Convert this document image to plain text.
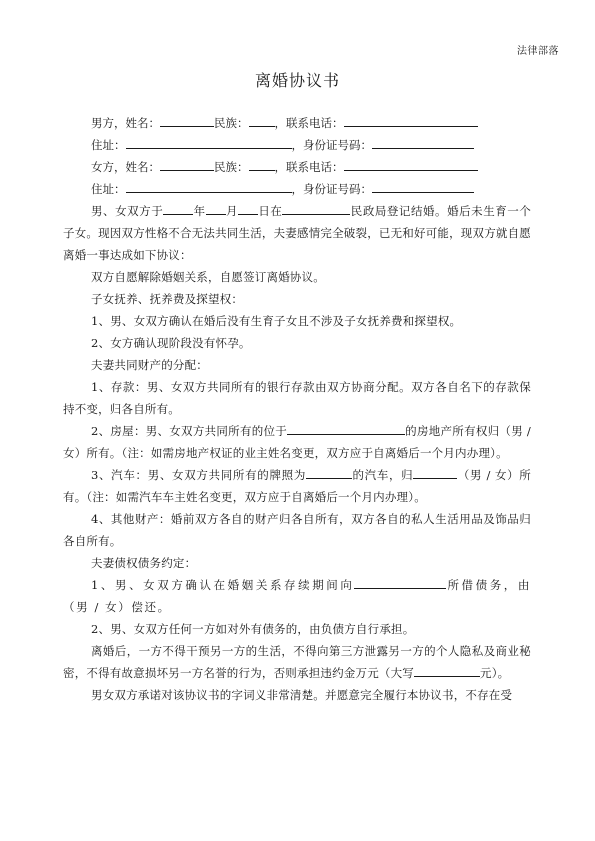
法律部落
离婚协议书
男方，姓名：	民族： ，联系电话：
住址：	，身份证号码：
女方，姓名：	民族： ，联系电话：
住址：	，身份证号码：

男、女双方于	年 月 日在	民政局登记结婚。婚后未生育一个子女。现因双方性格不合无法共同生活，夫妻感情完全破裂，已无和好可能，现双方就自愿离婚一事达成如下协议：

双方自愿解除婚姻关系，自愿签订离婚协议。

子女抚养、抚养费及探望权：

1、男、女双方确认在婚后没有生育子女且不涉及子女抚养费和探望权。

2、女方确认现阶段没有怀孕。

夫妻共同财产的分配：

1、存款：男、女双方共同所有的银行存款由双方协商分配。双方各自名下的存款保持不变，归各自所有。

2、房屋：男、女双方共同所有的位于	的房地产所有权归（男 / 女）所有。（注：如需房地产权证的业主姓名变更，双方应于自离婚后一个月内办理）。

3、汽车：男、女双方共同所有的牌照为	的汽车，归	（男 / 女）所有。（注：如需汽车车主姓名变更，双方应于自离婚后一个月内办理）。

4、其他财产：婚前双方各自的财产归各自所有，双方各自的私人生活用品及饰品归各自所有。

夫妻债权债务约定：

1、男、女双方确认在婚姻关系存续期间向	所借债务，由（男 / 女）偿还。

2、男、女双方任何一方如对外有债务的，由负债方自行承担。

离婚后，一方不得干预另一方的生活，不得向第三方泄露另一方的个人隐私及商业秘密，不得有故意损坏另一方名誉的行为，否则承担违约金万元（大写	元）。

男女双方承诺对该协议书的字词义非常清楚。并愿意完全履行本协议书，不存在受
